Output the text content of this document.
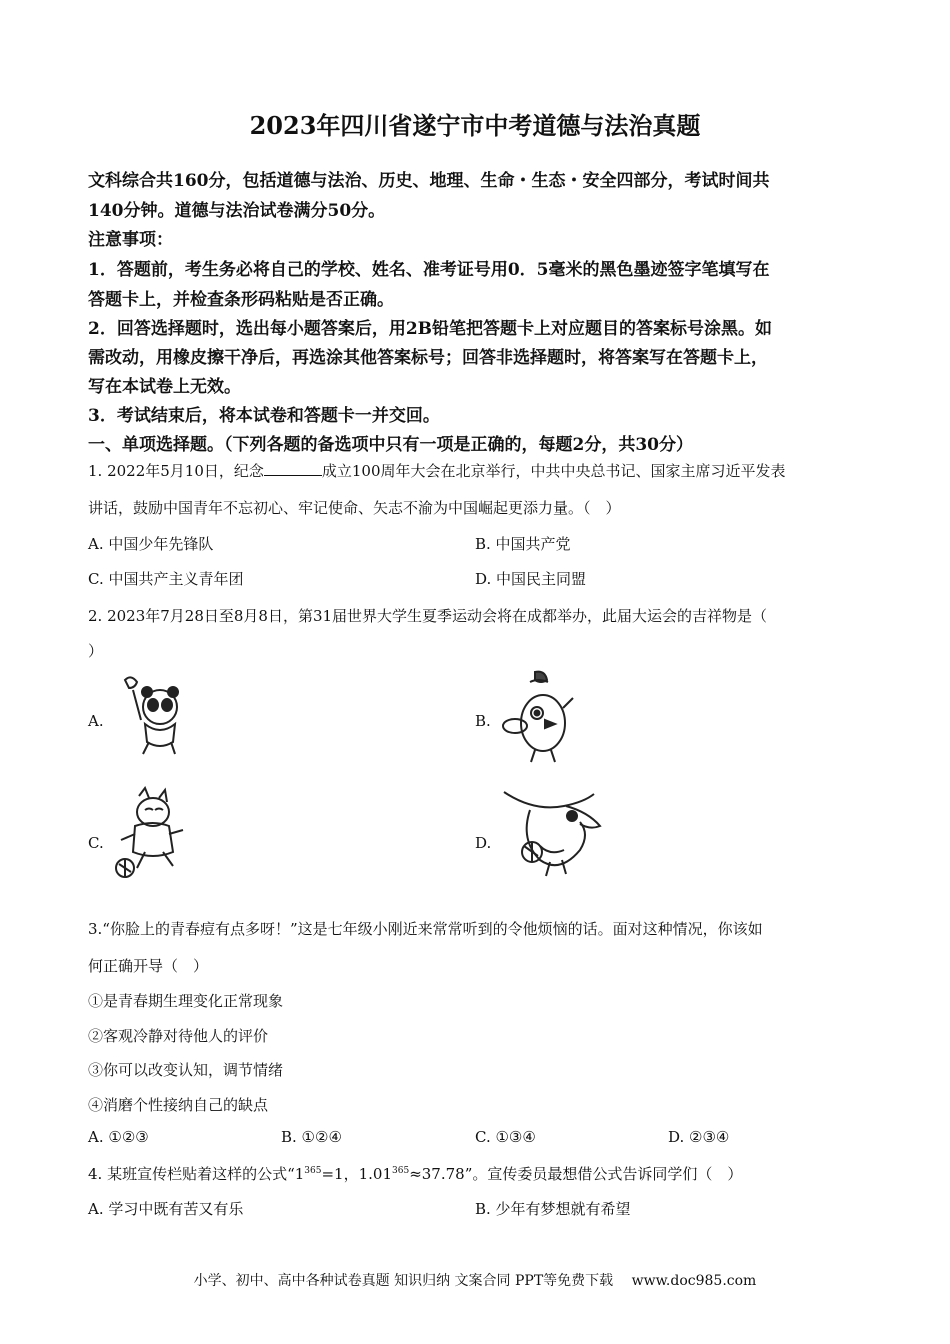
2023年四川省遂宁市中考道德与法治真题
文科综合共160分，包括道德与法治、历史、地理、生命・生态・安全四部分，考试时间共
140分钟。道德与法治试卷满分50分。
注意事项：
1．答题前，考生务必将自己的学校、姓名、准考证号用0．5毫米的黑色墨迹签字笔填写在
答题卡上，并检查条形码粘贴是否正确。
2．回答选择题时，选出每小题答案后，用2B铅笔把答题卡上对应题目的答案标号涂黑。如
需改动，用橡皮擦干净后，再选涂其他答案标号；回答非选择题时，将答案写在答题卡上，
写在本试卷上无效。
3．考试结束后，将本试卷和答题卡一并交回。
一、单项选择题。（下列各题的备选项中只有一项是正确的，每题2分，共30分）
1. 2022年5月10日，纪念	成立100周年大会在北京举行，中共中央总书记、国家主席习近平发表
讲话，鼓励中国青年不忘初心、牢记使命、矢志不渝为中国崛起更添力量。（　）
A. 中国少年先锋队	B. 中国共产党
C. 中国共产主义青年团	D. 中国民主同盟
2. 2023年7月28日至8月8日，第31届世界大学生夏季运动会将在成都举办，此届大运会的吉祥物是（
）
A.	B.
C.	D.
3.“你脸上的青春痘有点多呀！”这是七年级小刚近来常常听到的令他烦恼的话。面对这种情况，你该如
何正确开导（　）
①是青春期生理变化正常现象
②客观冷静对待他人的评价
③你可以改变认知，调节情绪
④消磨个性接纳自己的缺点
A. ①②③	B. ①②④	C. ①③④	D. ②③④
4. 某班宣传栏贴着这样的公式“$1^{365}=1$，$1.01^{365}\approx 37.78$”。宣传委员最想借公式告诉同学们（　）
A. 学习中既有苦又有乐	B. 少年有梦想就有希望
小学、初中、高中各种试卷真题 知识归纳 文案合同 PPT等免费下载　 www.doc985.com
